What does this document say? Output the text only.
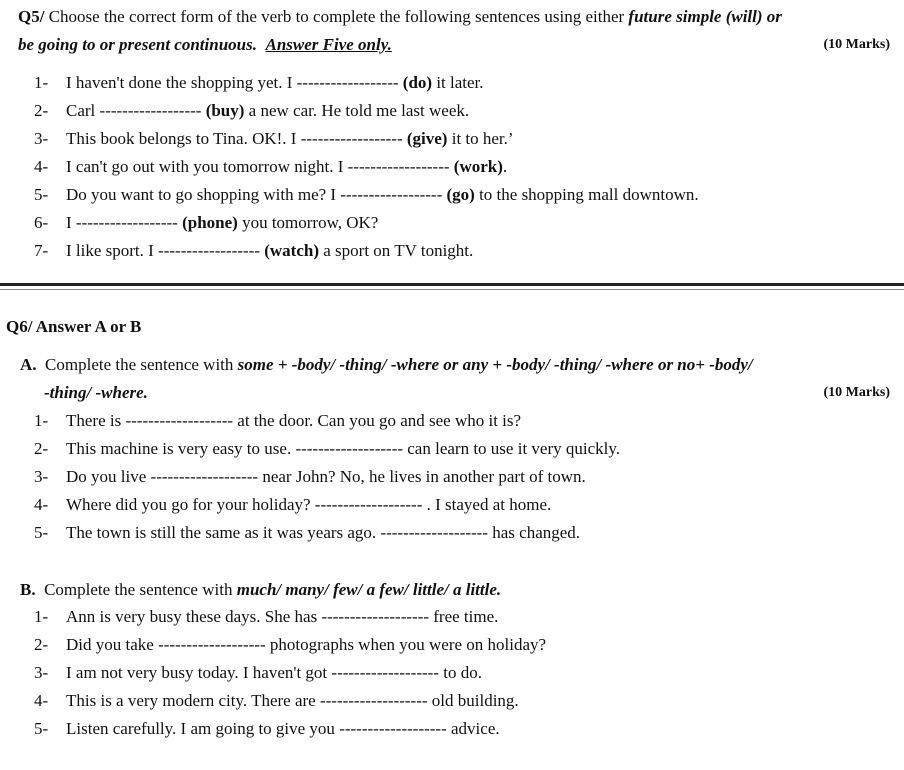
Q5/ Choose the correct form of the verb to complete the following sentences using either future simple (will) or
be going to or present continuous. Answer Five only.	(10 Marks)
1- I haven't done the shopping yet. I ------------------ (do) it later.
2- Carl ------------------ (buy) a new car. He told me last week.
3- This book belongs to Tina. OK!. I ------------------ (give) it to her.’
4- I can't go out with you tomorrow night. I ------------------ (work).
5- Do you want to go shopping with me? I ------------------ (go) to the shopping mall downtown.
6- I ------------------ (phone) you tomorrow, OK?
7- I like sport. I ------------------ (watch) a sport on TV tonight.
Q6/ Answer A or B
A. Complete the sentence with some + -body/ -thing/ -where or any + -body/ -thing/ -where or no+ -body/
-thing/ -where.	(10 Marks)
1- There is ------------------- at the door. Can you go and see who it is?
2- This machine is very easy to use. ------------------- can learn to use it very quickly.
3- Do you live ------------------- near John? No, he lives in another part of town.
4- Where did you go for your holiday? ------------------- . I stayed at home.
5- The town is still the same as it was years ago. ------------------- has changed.
B. Complete the sentence with much/ many/ few/ a few/ little/ a little.
1- Ann is very busy these days. She has ------------------- free time.
2- Did you take ------------------- photographs when you were on holiday?
3- I am not very busy today. I haven't got ------------------- to do.
4- This is a very modern city. There are ------------------- old building.
5- Listen carefully. I am going to give you ------------------- advice.
